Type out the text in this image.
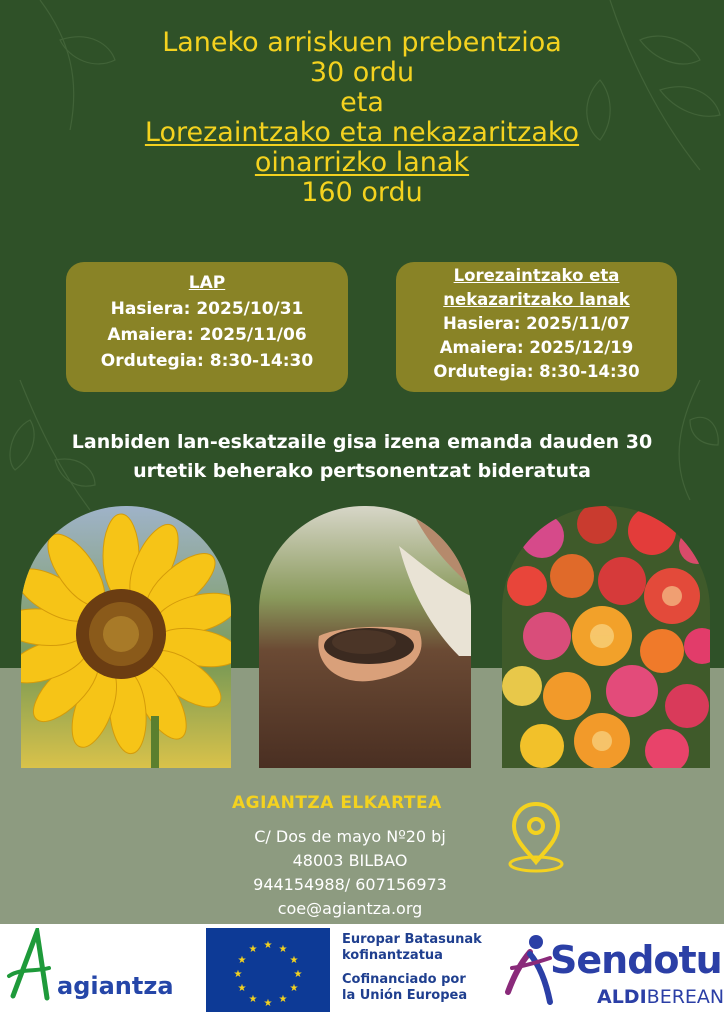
Laneko arriskuen prebentzioa
30 ordu
eta
Lorezaintzako eta nekazaritzako
oinarrizko lanak
160 ordu
LAP
Hasiera: 2025/10/31
Amaiera: 2025/11/06
Ordutegia: 8:30-14:30
Lorezaintzako eta
nekazaritzako lanak
Hasiera: 2025/11/07
Amaiera: 2025/12/19
Ordutegia: 8:30-14:30
Lanbiden lan-eskatzaile gisa izena emanda dauden 30
urtetik beherako pertsonentzat bideratuta
AGIANTZA ELKARTEA
C/ Dos de mayo Nº20 bj
48003 BILBAO
944154988/ 607156973
coe@agiantza.org
agiantza
★ ★
★
★
★
★
★
★
★
★
★
★
Europar Batasunak
kofinantzatua
Cofinanciado por
la Unión Europea
Sendotu
ALDIBEREAN
